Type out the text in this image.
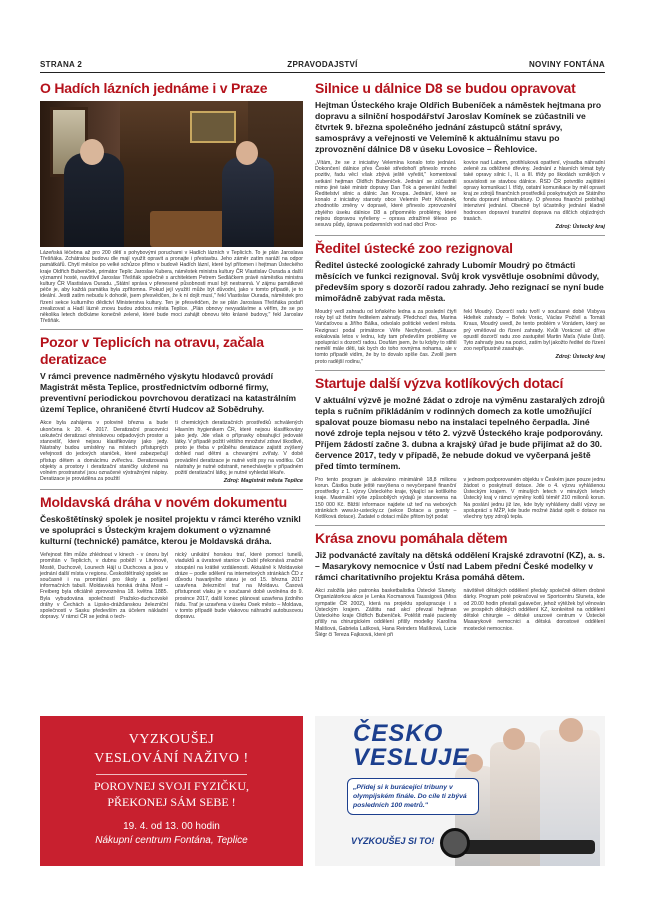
STRANA 2	ZPRAVODAJSTVÍ	NOVINY FONTÁNA
O Hadích lázních jednáme i v Praze

Lázeňská léčebna až pro 200 dětí s pohybovými poruchami v Hadích lázních v Teplicích. To je plán Jaroslava Třešňáka. Zchátralou budovu dle mají využít opravit a pronajte i přestavbu. Jeho záměr zatím naráží na odpor památkářů. Chytí měsíce po velké schůzce přímo v budově Hadích lázní, které byl přítomen i hejtman Ústeckého kraje Oldřich Bubeníček, primátor Teplic Jaroslav Kubera, náměstek ministra kultury ČR Vlastislav Ourada a další významní hosté, navštívil Jaroslav Třešňák společně s architektem Petrem Sedláčkem právě náměstka ministra kultury ČR Vlastislava Ouradu. „Státní správa v přenesené působnosti musí být nestranná. V zájmu památkové péče je, aby každá památka byla zpřítomna. Pokud její využití může být důvodní, jako v tomto případě, je to ideální. Jestli zatím nebudu k dohodě, jsem přesvědčen, že k ní dojít musí," řekl Vlastislav Ourada, náměstek pro řízení sekce kulturního dědictví Ministerstva kultury. Ten je přesvědčen, že se plán Jaroslava Třešňáka podaří zrealizovat a Hadí lázně znovu budou zdobou města Teplice. „Plán obnovy nevyadávíme a věřím, že se po několika letech dočkáme konečně zelené, které bude moci zahájit obnovu této krásné budovy," řekl Jaroslav Třešňák.

Pozor v Teplicích na otravu, začala deratizace

V rámci prevence nadměrného výskytu hlodavců provádí Magistrát města Teplice, prostřednictvím odborné firmy, preventivní periodickou povrchovou deratizaci na katastrálním území Teplice, ohraničené čtvrtí Hudcov až Sobědruhy.

Akce byla zahájena v polovině března a bude ukončena k 20. 4. 2017. Deratizační pracovníci uskuteční deratizaci ohniskovou odpadových prostor a stanovišť, které nejsou klasifikovány jako jedy. Nástrahy budou umístěny na místech přístupných veřejnosti do jedových staniček, které zabezpečují přístup dětem a domácímu zvířectvu. Deratizovaná objekty a prostory i deratizační staničky uložené na volném prostranství jsou označené výstražnými nápisy. Deratizace je prováděna za použití

tí chemických deratizačních prostředků schválených Hlavním hygienikem ČR, které nejsou klasifikovány jako jedy. Jde však o přípravky obsahující jedovaté látky. V případě požití většího množství zdraví škodlivé, proto je třeba v průběhu deratizace zajistit zvýšený dohled nad dětmi a chovanými zvířaty. V době provádění deratizace je nutné volit psy na vodítku. Od nástrahy je nutné odstranit, nenechávejte v případném požití deratizační látky, je nutné vyhledat lékaře.

Zdroj: Magistrát města Teplice

Moldavská dráha v novém dokumentu

Českoštětínský spolek je nositel projektu v rámci kterého vznikl ve spolupráci s Ústeckým krajem dokument o významné kulturní (technické) památce, kterou je Moldavská dráha.

Veřejnost film může zhlédnout v kinech - v únoru byl promítán v Teplicích, v dubnu poběží v Litvínově, Mostě, Duchcově, Lounech Hájí u Duchcova a jsou v jednání další místa v regionu. Českoštětínský spolek se současně i na promítání pro školy a poříjení informačních tabulí. Moldavská horská dráha Most – Freiberg byla oficiálně zprovozněna 18. května 1885. Byla vybudována společností Pražsko-duchcovské dráhy v Čechách a Lipsko-drážďanskou železniční společností v Sasku především za účelem nákladní dopravy. V rámci ČR se jedná o tech-

nický unikátní horskou trať, které pomocí tunelů, viaduktů a úvratové stanice v Dubí překonává značné stoupání na krátké vzdálenosti. Aktuálně k Moldavské dráze – podle sdělení na internetových stránkách ČD z důvodu havarijního stavu je od 15. března 2017 uzavřena železniční trať na Moldavu. Časová přístupnost vlaku je v současné době uvolněna do 9. prosince 2017, další konec plánovat uzavřena jízdního řádu. Trať je uzavřena v úseku Osek město – Moldava, v tomto případě bude vlakovou náhradní autobusovou dopravu.

Silnice u dálnice D8 se budou opravovat

Hejtman Ústeckého kraje Oldřich Bubeníček a náměstek hejtmana pro dopravu a silniční hospodářství Jaroslav Komínek se zúčastnili ve čtvrtek 9. března společného jednání zástupců státní správy, samosprávy a veřejnosti ve Velemíně k aktuálnímu stavu po zprovoznění dálnice D8 v úseku Lovosice – Řehlovice.

„Vítám, že se z iniciativy Velemína konalo toto jednání. Dokončení dálnice přes České středohoří přineslo mnoho pozitiv, řadu věcí však zbývá ještě vyřešit," komentoval setkání hejtman Oldřich Bubeníček. Jednání se zúčastnili mimo jiné také ministr dopravy Dan Ťok a generální ředitel Ředitelství silnic a dálnic Jan Kroupa. Jednání, které se konalo z iniciativy starosty obce Velemín Petr Křivánek, zhodnotilo změny v dopravě, které přineslo zprovoznění zbylého úseku dálnice D8 a připomnělo problémy, které nejsou dopravou vyřešeny – oprava zdražírné těleso po sesuvu půdy, úprava podzemních vod nad obcí Proc-

kovice nad Labem, protihluková opatření, výsadba náhradní zeleně za odtěžené dřeviny. Jednání z hlavních témat byly také opravy silnic I., II. a III. třídy po škodách vzniklých v souvislosti se stavbou dálnice. ŘSD ČR potvrdilo zajištění opravy komunikací I. třídy, ostatní komunikace by měl opravit kraj ze zdrojů finančních prostředků poskytnutých ze Státního fondu dopravní infrastruktury. O přesnou finanční probíhají intenzivní jednání. Obecně byl účastníky jednání kladně hodnocen dopravní tranzitní doprava na dílčích objízdných trasách.

Zdroj: Ústecký kraj

Ředitel ústecké zoo rezignoval

Ředitel ústecké zoologické zahrady Lubomír Moudrý po čtmácti měsících ve funkci rezignoval. Svůj krok vysvětluje osobními důvody, především spory s dozorčí radou zahrady. Jeho rezignací se nyní bude mimořádně zabývat rada města.

Moudrý vedl zahradu od loňského ledna a za poslední čtyři roky byl už třetím ředitelem zahrady. Předchozí dva, Marina Vančaťovou a Jiřího Bálka, odvolalo politické vedení města. Rezignaci podal primátorce Věře Nechybové. „Situace eskalovala letos v lednu, kdy tam především problémy ve spolupráci s dozorčí radou. Doufám jsem, že tu kdyby to stihli nemělí mále děti, tak bych do toho rovnýma nohama, ale v tomto případě vidím, že by to dovalo spíše čas. Zvolil jsem proto radější rodinu,"

řekl Moudrý. Dozorčí radu tvoří v současné době Vlsbyva Hdeltek zahrady – Bořek Vorác, Václav Požívil a Tomáš Kraus, Moudrý uvedl, že tento problém v Vorádem, který se prý vměšoval do řízení zahrady. Kvůli Vorácovi už dříve opustil dozorčí radu zoo zastupitel Martin Maťa (Vaše Ústí). Tyto zahrady jsou na pozici, zatím byl jakožto ředitel do řízení zoo nepřípustně zasahuje.

Zdroj: Ústecký kraj

Startuje další výzva kotlíkových dotací

V aktuální výzvě je možné žádat o zdroje na výměnu zastaralých zdrojů tepla s ručním přikládáním v rodinných domech za kotle umožňující spalovat pouze biomasu nebo na instalaci tepelného čerpadla. Jiné nové zdroje tepla nejsou v této 2. výzvě Ústeckého kraje podporovány. Příjem žádostí začne 3. dubna a krajský úřad je bude přijímat až do 30. července 2017, tedy v případě, že nebude dokud ve vyčerpaná ještě před tímto termínem.

Pro tento program je alokováno minimálně 18,8 milionu korun. Částka bude ještě navýšena o nevyčerpané finanční prostředky z 1. výzvy Ústeckého kraje, týkající se kotlíkého kraje. Maximální výše způsobilých výdajů je stanovena na 150 000 Kč. Bližší informace najdete už teď na webových stránkách www.kr-ustecky.cz (sekce Dotace a granty – Kotlíková dotace). Žadatel o dotaci může přitom být podat

v jednom podporovaném objektu v Českém jaze pouze jednu žádost o poskytnutí dotace. Jde o 4. výzvu vyhlášenou Ústeckým krajem. V minulých letech v minulých letech Ústecký kraj v rámci výměny kotlů téměř 210 milionů korun. Na poslání jednu již lze, kde byly vyhlášeny další výzvy se spoluprácí s MŽP, kde bude možné žádat opět o dotace na všechny typy zdrojů tepla.

Krása znovu pomáhala dětem

Již podvanácté zavítaly na dětská oddělení Krajské zdravotní (KZ), a. s. – Masarykovy nemocnice v Ústí nad Labem přední České modelky v rámci charitativního projektu Krása pomáhá dětem.

Akci založila jako patronka basketbalistka Ústecké Slunety. Organizátorkou akce je Lenka Kocmanová Taussigová (Miss sympatie ČR 2002), která na projektu spolupracuje i s Ústeckým krajem. Záštitu nad akcí převzal hejtman Ústeckého kraje Oldřich Bubeníček. Potěšit malé pacienty přišly na chirurgickém oddělení přišly modelky Karolína Mališová, Gabriela Lašková, Hana Reinders Mašíková, Lucie Šlégr či Tereza Fajksová, které při

návštěvě dětských oddělení předaly společně dětem drobné dárky. Program poté pokračoval ve Sportcentru Sluneta, kde od 20.00 hodin přestali galavečer, jehož výtěžek byl věnován ve prospěch dětských oddělení KZ, konkrétně na oddělení dětské chirurgie – dětské urazové centrum v Ústecké Masarykově nemocnici a dětská dorostové oddělení mostecké nemocnice.

VYZKOUŠEJ
VESLOVÁNÍ NAŽIVO !
POROVNEJ SVOJI FYZIČKU,
PŘEKONEJ SÁM SEBE !
19. 4. od 13. 00 hodin
Nákupní centrum Fontána, Teplice
ČESKO
VESLUJE
„Přidej si k burácející tribuny v olympijském finále. Do cíle ti zbývá posledních 100 metrů."
VYZKOUŠEJ SI TO!
